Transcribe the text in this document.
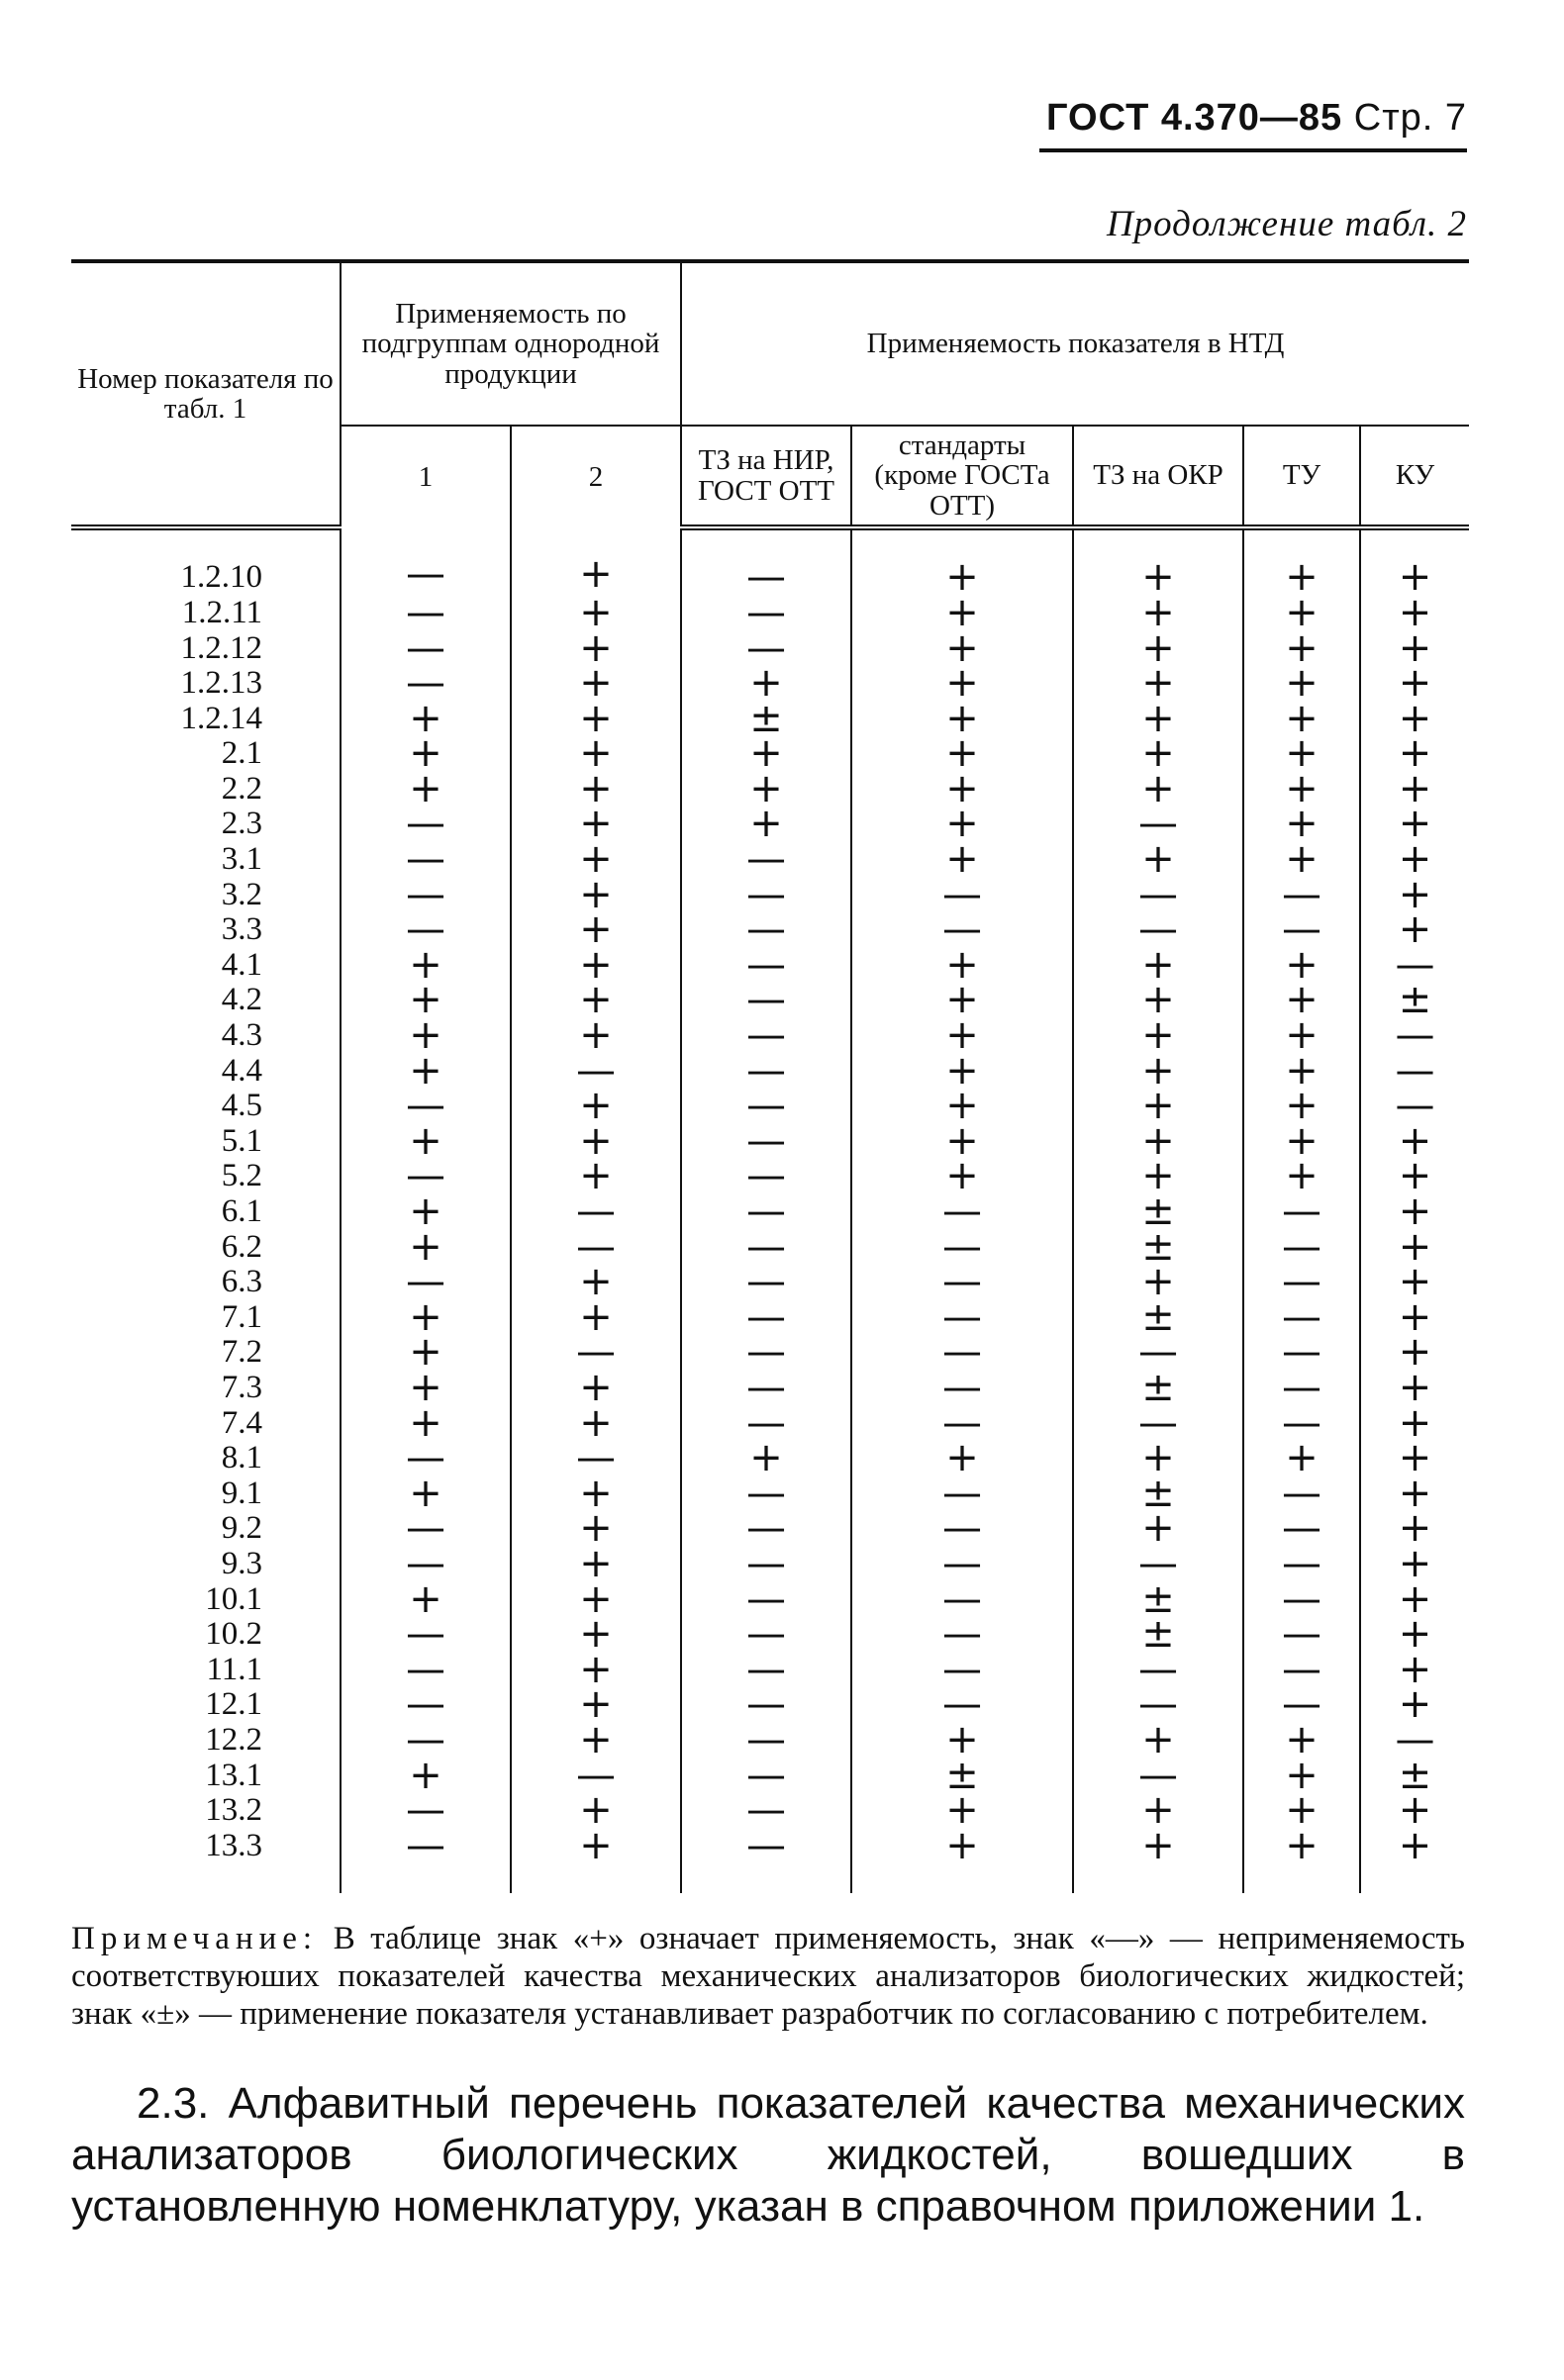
ГОСТ 4.370—85 Стр. 7
Продолжение табл. 2
Номер показателя по табл. 1	Применяемость по подгруппам однородной продукции		Применяемость показателя в НТД				
	1	2	ТЗ на НИР, ГОСТ ОТТ	стандарты (кроме ГОСТа ОТТ)	ТЗ на ОКР	ТУ	КУ

1.2.10	—	+	—	+	+	+	+
1.2.11	—	+	—	+	+	+	+
1.2.12	—	+	—	+	+	+	+
1.2.13	—	+	+	+	+	+	+
1.2.14	+	+	±	+	+	+	+
2.1	+	+	+	+	+	+	+
2.2	+	+	+	+	+	+	+
2.3	—	+	+	+	—	+	+
3.1	—	+	—	+	+	+	+
3.2	—	+	—	—	—	—	+
3.3	—	+	—	—	—	—	+
4.1	+	+	—	+	+	+	—
4.2	+	+	—	+	+	+	±
4.3	+	+	—	+	+	+	—
4.4	+	—	—	+	+	+	—
4.5	—	+	—	+	+	+	—
5.1	+	+	—	+	+	+	+
5.2	—	+	—	+	+	+	+
6.1	+	—	—	—	±	—	+
6.2	+	—	—	—	±	—	+
6.3	—	+	—	—	+	—	+
7.1	+	+	—	—	±	—	+
7.2	+	—	—	—	—	—	+
7.3	+	+	—	—	±	—	+
7.4	+	+	—	—	—	—	+
8.1	—	—	+	+	+	+	+
9.1	+	+	—	—	±	—	+
9.2	—	+	—	—	+	—	+
9.3	—	+	—	—	—	—	+
10.1	+	+	—	—	±	—	+
10.2	—	+	—	—	±	—	+
11.1	—	+	—	—	—	—	+
12.1	—	+	—	—	—	—	+
12.2	—	+	—	+	+	+	—
13.1	+	—	—	±	—	+	±
13.2	—	+	—	+	+	+	+
13.3	—	+	—	+	+	+	+
Примечание: В таблице знак «+» означает применяемость, знак «—» — неприменяемость соответствуюших показателей качества механических анализаторов биологических жидкостей; знак «±» — применение показателя устанавливает разработчик по согласованию с потребителем.
2.3. Алфавитный перечень показателей качества механических анализаторов биологических жидкостей, вошедших в установленную номенклатуру, указан в справочном приложении 1.
